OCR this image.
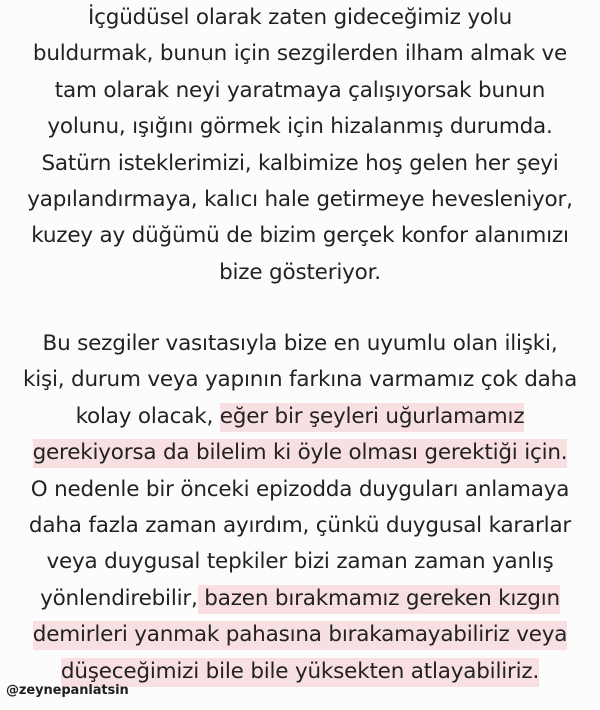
İçgüdüsel olarak zaten gideceğimiz yolu
buldurmak, bunun için sezgilerden ilham almak ve
tam olarak neyi yaratmaya çalışıyorsak bunun
yolunu, ışığını görmek için hizalanmış durumda.
Satürn isteklerimizi, kalbimize hoş gelen her şeyi
yapılandırmaya, kalıcı hale getirmeye hevesleniyor,
kuzey ay düğümü de bizim gerçek konfor alanımızı
bize gösteriyor.

Bu sezgiler vasıtasıyla bize en uyumlu olan ilişki,
kişi, durum veya yapının farkına varmamız çok daha
kolay olacak, eğer bir şeyleri uğurlamamız
gerekiyorsa da bilelim ki öyle olması gerektiği için.
O nedenle bir önceki epizodda duyguları anlamaya
daha fazla zaman ayırdım, çünkü duygusal kararlar
veya duygusal tepkiler bizi zaman zaman yanlış
yönlendirebilir, bazen bırakmamız gereken kızgın
demirleri yanmak pahasına bırakamayabiliriz veya
düşeceğimizi bile bile yüksekten atlayabiliriz.

@zeynepanlatsin
